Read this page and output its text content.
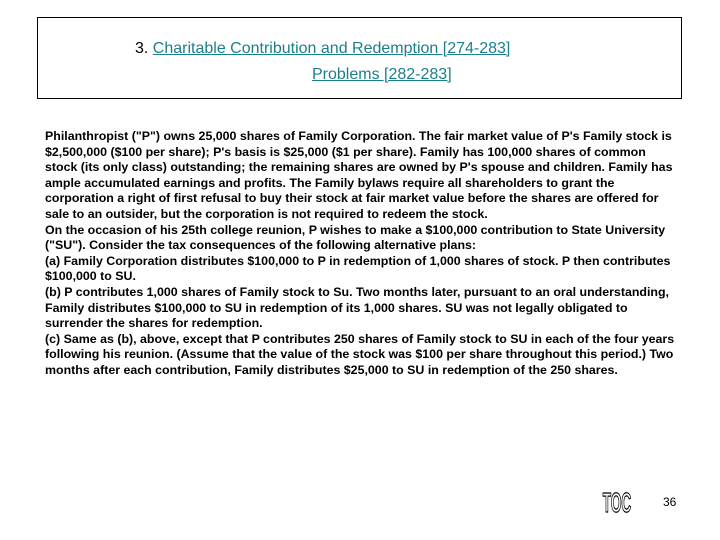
3. Charitable Contribution and Redemption [274-283]
Problems [282-283]

Philanthropist ("P") owns 25,000 shares of Family Corporation. The fair market value of P's Family stock is $2,500,000 ($100 per share); P's basis is $25,000 ($1 per share). Family has 100,000 shares of common stock (its only class) outstanding; the remaining shares are owned by P's spouse and children. Family has ample accumulated earnings and profits. The Family bylaws require all shareholders to grant the corporation a right of first refusal to buy their stock at fair market value before the shares are offered for sale to an outsider, but the corporation is not required to redeem the stock.

On the occasion of his 25th college reunion, P wishes to make a $100,000 contribution to State University ("SU"). Consider the tax consequences of the following alternative plans:

(a) Family Corporation distributes $100,000 to P in redemption of 1,000 shares of stock. P then contributes $100,000 to SU.

(b) P contributes 1,000 shares of Family stock to Su. Two months later, pursuant to an oral understanding, Family distributes $100,000 to SU in redemption of its 1,000 shares. SU was not legally obligated to surrender the shares for redemption.

(c) Same as (b), above, except that P contributes 250 shares of Family stock to SU in each of the four years following his reunion. (Assume that the value of the stock was $100 per share throughout this period.) Two months after each contribution, Family distributes $25,000 to SU in redemption of the 250 shares.

TOC	36
